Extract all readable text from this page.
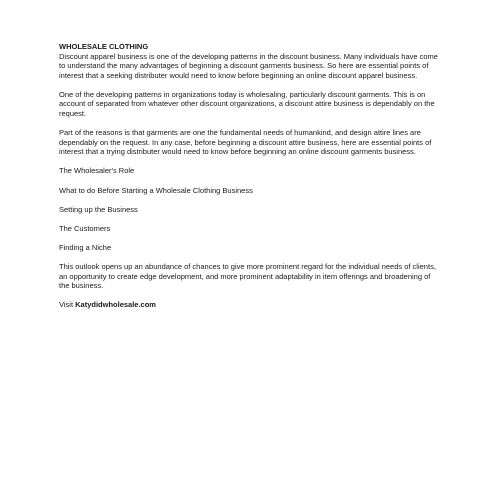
WHOLESALE CLOTHING

Discount apparel business is one of the developing patterns in the discount business. Many individuals have come to understand the many advantages of beginning a discount garments business. So here are essential points of interest that a seeking distributer would need to know before beginning an online discount apparel business.

One of the developing patterns in organizations today is wholesaling, particularly discount garments. This is on account of separated from whatever other discount organizations, a discount attire business is dependably on the request.

Part of the reasons is that garments are one the fundamental needs of humankind, and design attire lines are dependably on the request. In any case, before beginning a discount attire business, here are essential points of interest that a trying distributer would need to know before beginning an online discount garments business.

The Wholesaler's Role

What to do Before Starting a Wholesale Clothing Business

Setting up the Business

The Customers

Finding a Niche

This outlook opens up an abundance of chances to give more prominent regard for the individual needs of clients, an opportunity to create edge development, and more prominent adaptability in item offerings and broadening of the business.

Visit Katydidwholesale.com
